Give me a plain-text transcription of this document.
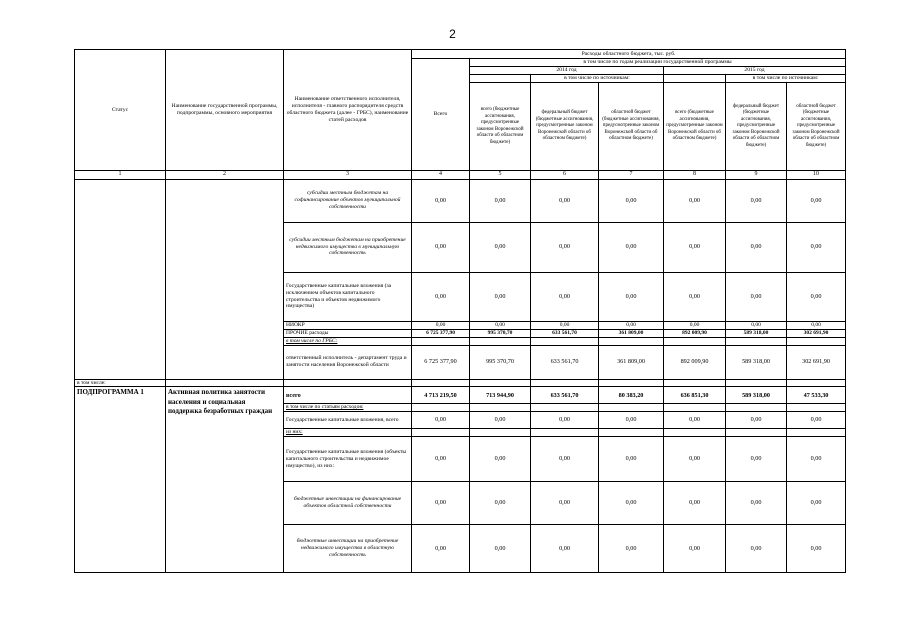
2
Статус	Наименование государственной программы, подпрограммы, основного мероприятия	Наименование ответственного исполнителя, исполнителя - главного распорядителя средств областного бюджета (далее - ГРБС), наименование статей расходов	Расходы областного бюджета, тыс. руб.						
			Всего	в том числе по годам реализации государственной программы					
				2014 год			2015 год		
					в том числе по источникам:			в том числе по источникам:	
				всего (бюджетные ассигнования, предусмотренные законом Воронежской области об областном бюджете)	федеральный бюджет (бюджетные ассигнования, предусмотренные законом Воронежской области об областном бюджете)	областной бюджет (бюджетные ассигнования, предусмотренные законом Воронежской области об областном бюджете)	всего (бюджетные ассигнования, предусмотренные законом Воронежской области об областном бюджете)	федеральный бюджет (бюджетные ассигнования, предусмотренные законом Воронежской области об областном бюджете)	областной бюджет (бюджетные ассигнования, предусмотренные законом Воронежской области об областном бюджете)
1	2	3	4	5	6	7	8	9	10
		субсидии местным бюджетам на софинансирование объектов муниципальной собственности	0,00	0,00	0,00	0,00	0,00	0,00	0,00
		субсидии местным бюджетам на приобретение недвижимого имущества в муниципальную собственность	0,00	0,00	0,00	0,00	0,00	0,00	0,00
		Государственные капитальные вложения (за исключением объектов капитального строительства и объектов недвижимого имущества)	0,00	0,00	0,00	0,00	0,00	0,00	0,00
		НИОКР	0,00	0,00	0,00	0,00	0,00	0,00	0,00
		ПРОЧИЕ расходы	6 725 377,90	995 370,70	633 561,70	361 809,00	892 009,90	589 318,00	302 691,90
		в том числе по ГРБС:							
		ответственный исполнитель - департамент труда и занятости населения Воронежской области	6 725 377,90	995 370,70	633 561,70	361 809,00	892 009,90	589 318,00	302 691,90
в том числе:									
ПОДПРОГРАММА 1	Активная политика занятости населения и социальная поддержка безработных граждан	всего	4 713 219,50	713 944,90	633 561,70	80 383,20	636 851,30	589 318,00	47 533,30
		в том числе по статьям расходов:							
		Государственные капитальные вложения, всего	0,00	0,00	0,00	0,00	0,00	0,00	0,00
		из них:							
		Государственные капитальные вложения (объекты капитального строительства и недвижимое имущество), из них:	0,00	0,00	0,00	0,00	0,00	0,00	0,00
		бюджетные инвестиции на финансирование объектов областной собственности	0,00	0,00	0,00	0,00	0,00	0,00	0,00
		бюджетные инвестиции на приобретение недвижимого имущества в областную собственность	0,00	0,00	0,00	0,00	0,00	0,00	0,00
